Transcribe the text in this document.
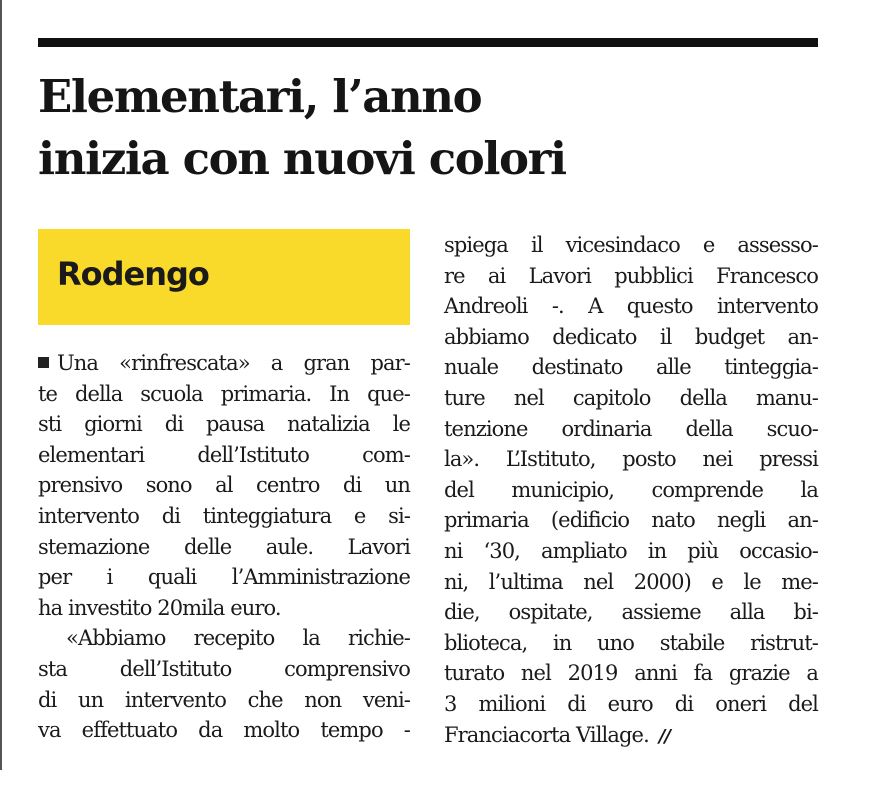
Elementari, l’anno
inizia con nuovi colori
Rodengo
Una «rinfrescata» a gran par-
te della scuola primaria. In que-
sti giorni di pausa natalizia le
elementari dell’Istituto com-
prensivo sono al centro di un
intervento di tinteggiatura e si-
stemazione delle aule. Lavori
per i quali l’Amministrazione
ha investito 20mila euro.
«Abbiamo recepito la richie-
sta dell’Istituto comprensivo
di un intervento che non veni-
va effettuato da molto tempo -
spiega il vicesindaco e assesso-
re ai Lavori pubblici Francesco
Andreoli -. A questo intervento
abbiamo dedicato il budget an-
nuale destinato alle tinteggia-
ture nel capitolo della manu-
tenzione ordinaria della scuo-
la». L’Istituto, posto nei pressi
del municipio, comprende la
primaria (edificio nato negli an-
ni ‘30, ampliato in più occasio-
ni, l’ultima nel 2000) e le me-
die, ospitate, assieme alla bi-
blioteca, in uno stabile ristrut-
turato nel 2019 anni fa grazie a
3 milioni di euro di oneri del
Franciacorta Village. //
